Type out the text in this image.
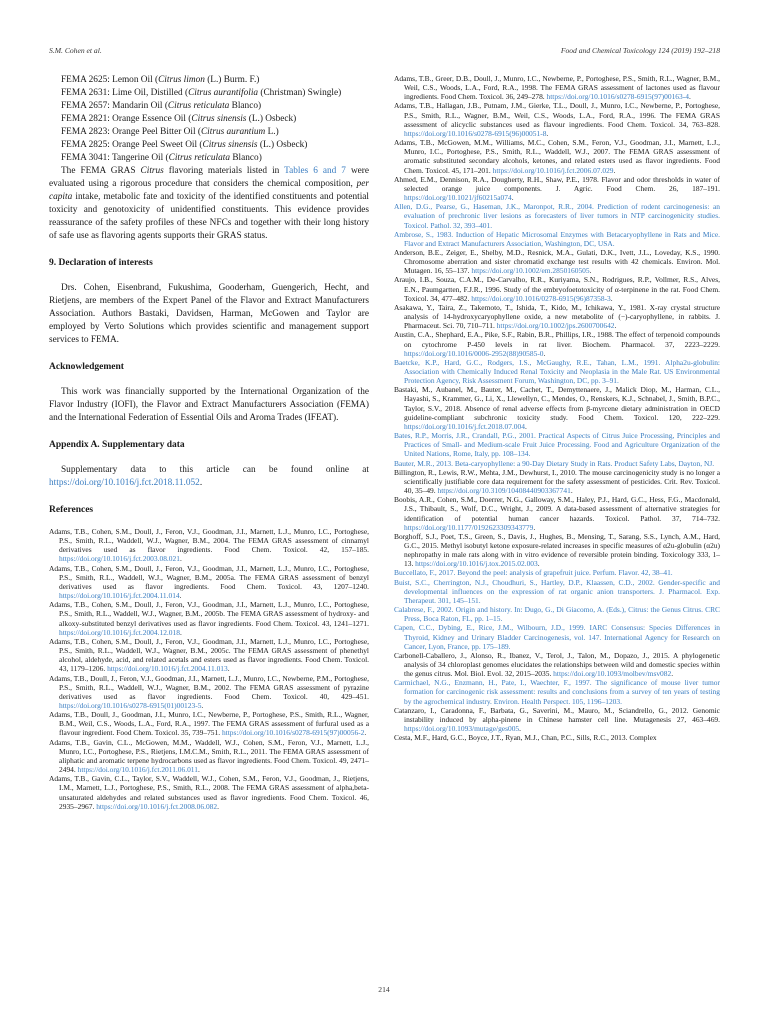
S.M. Cohen et al.	Food and Chemical Toxicology 124 (2019) 192–218

FEMA 2625: Lemon Oil (Citrus limon (L.) Burm. F.)

FEMA 2631: Lime Oil, Distilled (Citrus aurantifolia (Christman) Swingle)

FEMA 2657: Mandarin Oil (Citrus reticulata Blanco)

FEMA 2821: Orange Essence Oil (Citrus sinensis (L.) Osbeck)

FEMA 2823: Orange Peel Bitter Oil (Citrus aurantium L.)

FEMA 2825: Orange Peel Sweet Oil (Citrus sinensis (L.) Osbeck)

FEMA 3041: Tangerine Oil (Citrus reticulata Blanco)

The FEMA GRAS Citrus flavoring materials listed in Tables 6 and 7 were evaluated using a rigorous procedure that considers the chemical composition, per capita intake, metabolic fate and toxicity of the identified constituents and potential toxicity and genotoxicity of unidentified constituents. This evidence provides reassurance of the safety profiles of these NFCs and together with their long history of safe use as flavoring agents supports their GRAS status.

9. Declaration of interests

Drs. Cohen, Eisenbrand, Fukushima, Gooderham, Guengerich, Hecht, and Rietjens, are members of the Expert Panel of the Flavor and Extract Manufacturers Association. Authors Bastaki, Davidsen, Harman, McGowen and Taylor are employed by Verto Solutions which provides scientific and management support services to FEMA.

Acknowledgement

This work was financially supported by the International Organization of the Flavor Industry (IOFI), the Flavor and Extract Manufacturers Association (FEMA) and the International Federation of Essential Oils and Aroma Trades (IFEAT).

Appendix A. Supplementary data

Supplementary data to this article can be found online at https://doi.org/10.1016/j.fct.2018.11.052.

References

Adams, T.B., Cohen, S.M., Doull, J., Feron, V.J., Goodman, J.I., Marnett, L.J., Munro, I.C., Portoghese, P.S., Smith, R.L., Waddell, W.J., Wagner, B.M., 2004. The FEMA GRAS assessment of cinnamyl derivatives used as flavor ingredients. Food Chem. Toxicol. 42, 157–185. https://doi.org/10.1016/j.fct.2003.08.021.

Adams, T.B., Cohen, S.M., Doull, J., Feron, V.J., Goodman, J.I., Marnett, L.J., Munro, I.C., Portoghese, P.S., Smith, R.L., Waddell, W.J., Wagner, B.M., 2005a. The FEMA GRAS assessment of benzyl derivatives used as flavor ingredients. Food Chem. Toxicol. 43, 1207–1240. https://doi.org/10.1016/j.fct.2004.11.014.

Adams, T.B., Cohen, S.M., Doull, J., Feron, V.J., Goodman, J.I., Marnett, L.J., Munro, I.C., Portoghese, P.S., Smith, R.L., Waddell, W.J., Wagner, B.M., 2005b. The FEMA GRAS assessment of hydroxy- and alkoxy-substituted benzyl derivatives used as flavor ingredients. Food Chem. Toxicol. 43, 1241–1271. https://doi.org/10.1016/j.fct.2004.12.018.

Adams, T.B., Cohen, S.M., Doull, J., Feron, V.J., Goodman, J.I., Marnett, L.J., Munro, I.C., Portoghese, P.S., Smith, R.L., Waddell, W.J., Wagner, B.M., 2005c. The FEMA GRAS assessment of phenethyl alcohol, aldehyde, acid, and related acetals and esters used as flavor ingredients. Food Chem. Toxicol. 43, 1179–1206. https://doi.org/10.1016/j.fct.2004.11.013.

Adams, T.B., Doull, J., Feron, V.J., Goodman, J.I., Marnett, L.J., Munro, I.C., Newberne, P.M., Portoghese, P.S., Smith, R.L., Waddell, W.J., Wagner, B.M., 2002. The FEMA GRAS assessment of pyrazine derivatives used as flavor ingredients. Food Chem. Toxicol. 40, 429–451. https://doi.org/10.1016/s0278-6915(01)00123-5.

Adams, T.B., Doull, J., Goodman, J.I., Munro, I.C., Newberne, P., Portoghese, P.S., Smith, R.L., Wagner, B.M., Weil, C.S., Woods, L.A., Ford, R.A., 1997. The FEMA GRAS assessment of furfural used as a flavour ingredient. Food Chem. Toxicol. 35, 739–751. https://doi.org/10.1016/s0278-6915(97)00056-2.

Adams, T.B., Gavin, C.L., McGowen, M.M., Waddell, W.J., Cohen, S.M., Feron, V.J., Marnett, L.J., Munro, I.C., Portoghese, P.S., Rietjens, I.M.C.M., Smith, R.L., 2011. The FEMA GRAS assessment of aliphatic and aromatic terpene hydrocarbons used as flavor ingredients. Food Chem. Toxicol. 49, 2471–2494. https://doi.org/10.1016/j.fct.2011.06.011.

Adams, T.B., Gavin, C.L., Taylor, S.V., Waddell, W.J., Cohen, S.M., Feron, V.J., Goodman, J., Rietjens, I.M., Marnett, L.J., Portoghese, P.S., Smith, R.L., 2008. The FEMA GRAS assessment of alpha,beta-unsaturated aldehydes and related substances used as flavor ingredients. Food Chem. Toxicol. 46, 2935–2967. https://doi.org/10.1016/j.fct.2008.06.082.

Adams, T.B., Greer, D.B., Doull, J., Munro, I.C., Newberne, P., Portoghese, P.S., Smith, R.L., Wagner, B.M., Weil, C.S., Woods, L.A., Ford, R.A., 1998. The FEMA GRAS assessment of lactones used as flavour ingredients. Food Chem. Toxicol. 36, 249–278. https://doi.org/10.1016/s0278-6915(97)00163-4.

Adams, T.B., Hallagan, J.B., Putnam, J.M., Gierke, T.L., Doull, J., Munro, I.C., Newberne, P., Portoghese, P.S., Smith, R.L., Wagner, B.M., Weil, C.S., Woods, L.A., Ford, R.A., 1996. The FEMA GRAS assessment of alicyclic substances used as flavour ingredients. Food Chem. Toxicol. 34, 763–828. https://doi.org/10.1016/s0278-6915(96)00051-8.

Adams, T.B., McGowen, M.M., Williams, M.C., Cohen, S.M., Feron, V.J., Goodman, J.I., Marnett, L.J., Munro, I.C., Portoghese, P.S., Smith, R.L., Waddell, W.J., 2007. The FEMA GRAS assessment of aromatic substituted secondary alcohols, ketones, and related esters used as flavor ingredients. Food Chem. Toxicol. 45, 171–201. https://doi.org/10.1016/j.fct.2006.07.029.

Ahmed, E.M., Dennison, R.A., Dougherty, R.H., Shaw, P.E., 1978. Flavor and odor thresholds in water of selected orange juice components. J. Agric. Food Chem. 26, 187–191. https://doi.org/10.1021/jf60215a074.

Allen, D.G., Pearse, G., Haseman, J.K., Maronpot, R.R., 2004. Prediction of rodent carcinogenesis: an evaluation of prechronic liver lesions as forecasters of liver tumors in NTP carcinogenicity studies. Toxicol. Pathol. 32, 393–401.

Ambrose, S., 1983. Induction of Hepatic Microsomal Enzymes with Betacaryophyllene in Rats and Mice. Flavor and Extract Manufacturers Association, Washington, DC, USA.

Anderson, B.E., Zeiger, E., Shelby, M.D., Resnick, M.A., Gulati, D.K., Ivett, J.L., Loveday, K.S., 1990. Chromosome aberration and sister chromatid exchange test results with 42 chemicals. Environ. Mol. Mutagen. 16, 55–137. https://doi.org/10.1002/em.2850160505.

Araujo, I.B., Souza, C.A.M., De-Carvalho, R.R., Kuriyama, S.N., Rodrigues, R.P., Vollmer, R.S., Alves, E.N., Paumgartten, F.J.R., 1996. Study of the embryofoetotoxicity of α-terpinene in the rat. Food Chem. Toxicol. 34, 477–482. https://doi.org/10.1016/0278-6915(96)87358-3.

Asakawa, Y., Taira, Z., Takemoto, T., Ishida, T., Kido, M., Ichikawa, Y., 1981. X-ray crystal structure analysis of 14-hydroxycaryophyllene oxide, a new metabolite of (−)-caryophyllene, in rabbits. J. Pharmaceut. Sci. 70, 710–711. https://doi.org/10.1002/jps.2600700642.

Austin, C.A., Shephard, E.A., Pike, S.F., Rabin, B.R., Phillips, I.R., 1988. The effect of terpenoid compounds on cytochrome P-450 levels in rat liver. Biochem. Pharmacol. 37, 2223–2229. https://doi.org/10.1016/0006-2952(88)90585-0.

Baetcke, K.P., Hard, G.C., Rodgers, I.S., McGaughy, R.E., Tahan, L.M., 1991. Alpha2u-globulin: Association with Chemically Induced Renal Toxicity and Neoplasia in the Male Rat. US Environmental Protection Agency, Risk Assessment Forum, Washington, DC, pp. 3–91.

Bastaki, M., Aubanel, M., Bauter, M., Cachet, T., Demyttenaere, J., Malick Diop, M., Harman, C.L., Hayashi, S., Krammer, G., Li, X., Llewellyn, C., Mendes, O., Renskers, K.J., Schnabel, J., Smith, B.P.C., Taylor, S.V., 2018. Absence of renal adverse effects from β-myrcene dietary administration in OECD guideline-compliant subchronic toxicity study. Food Chem. Toxicol. 120, 222–229. https://doi.org/10.1016/j.fct.2018.07.004.

Bates, R.P., Morris, J.R., Crandall, P.G., 2001. Practical Aspects of Citrus Juice Processing, Principles and Practices of Small- and Medium-scale Fruit Juice Processing. Food and Agriculture Organization of the United Nations, Rome, Italy, pp. 108–134.

Bauter, M.R., 2013. Beta-caryophyllene: a 90-Day Dietary Study in Rats. Product Safety Labs, Dayton, NJ.

Billington, R., Lewis, R.W., Mehta, J.M., Dewhurst, I., 2010. The mouse carcinogenicity study is no longer a scientifically justifiable core data requirement for the safety assessment of pesticides. Crit. Rev. Toxicol. 40, 35–49. https://doi.org/10.3109/10408440903367741.

Boobis, A.R., Cohen, S.M., Doerrer, N.G., Galloway, S.M., Haley, P.J., Hard, G.C., Hess, F.G., Macdonald, J.S., Thibault, S., Wolf, D.C., Wright, J., 2009. A data-based assessment of alternative strategies for identification of potential human cancer hazards. Toxicol. Pathol. 37, 714–732. https://doi.org/10.1177/0192623309343779.

Borghoff, S.J., Poet, T.S., Green, S., Davis, J., Hughes, B., Mensing, T., Sarang, S.S., Lynch, A.M., Hard, G.C., 2015. Methyl isobutyl ketone exposure-related increases in specific measures of α2u-globulin (α2u) nephropathy in male rats along with in vitro evidence of reversible protein binding. Toxicology 333, 1–13. https://doi.org/10.1016/j.tox.2015.02.003.

Buccellato, F., 2017. Beyond the peel: analysis of grapefruit juice. Perfum. Flavor. 42, 38–41.

Buist, S.C., Cherrington, N.J., Choudhuri, S., Hartley, D.P., Klaassen, C.D., 2002. Gender-specific and developmental influences on the expression of rat organic anion transporters. J. Pharmacol. Exp. Therapeut. 301, 145–151.

Calabrese, F., 2002. Origin and history. In: Dugo, G., Di Giacomo, A. (Eds.), Citrus: the Genus Citrus. CRC Press, Boca Raton, FL, pp. 1–15.

Capen, C.C., Dybing, E., Rice, J.M., Wilbourn, J.D., 1999. IARC Consensus: Species Differences in Thyroid, Kidney and Urinary Bladder Carcinogenesis, vol. 147. International Agency for Research on Cancer, Lyon, France, pp. 175–189.

Carbonell-Caballero, J., Alonso, R., Ibanez, V., Terol, J., Talon, M., Dopazo, J., 2015. A phylogenetic analysis of 34 chloroplast genomes elucidates the relationships between wild and domestic species within the genus citrus. Mol. Biol. Evol. 32, 2015–2035. https://doi.org/10.1093/molbev/msv082.

Carmichael, N.G., Enzmann, H., Pate, I., Waechter, F., 1997. The significance of mouse liver tumor formation for carcinogenic risk assessment: results and conclusions from a survey of ten years of testing by the agrochemical industry. Environ. Health Perspect. 105, 1196–1203.

Catanzaro, I., Caradonna, F., Barbata, G., Saverini, M., Mauro, M., Sciandrello, G., 2012. Genomic instability induced by alpha-pinene in Chinese hamster cell line. Mutagenesis 27, 463–469. https://doi.org/10.1093/mutage/ges005.

Cesta, M.F., Hard, G.C., Boyce, J.T., Ryan, M.J., Chan, P.C., Sills, R.C., 2013. Complex

214
